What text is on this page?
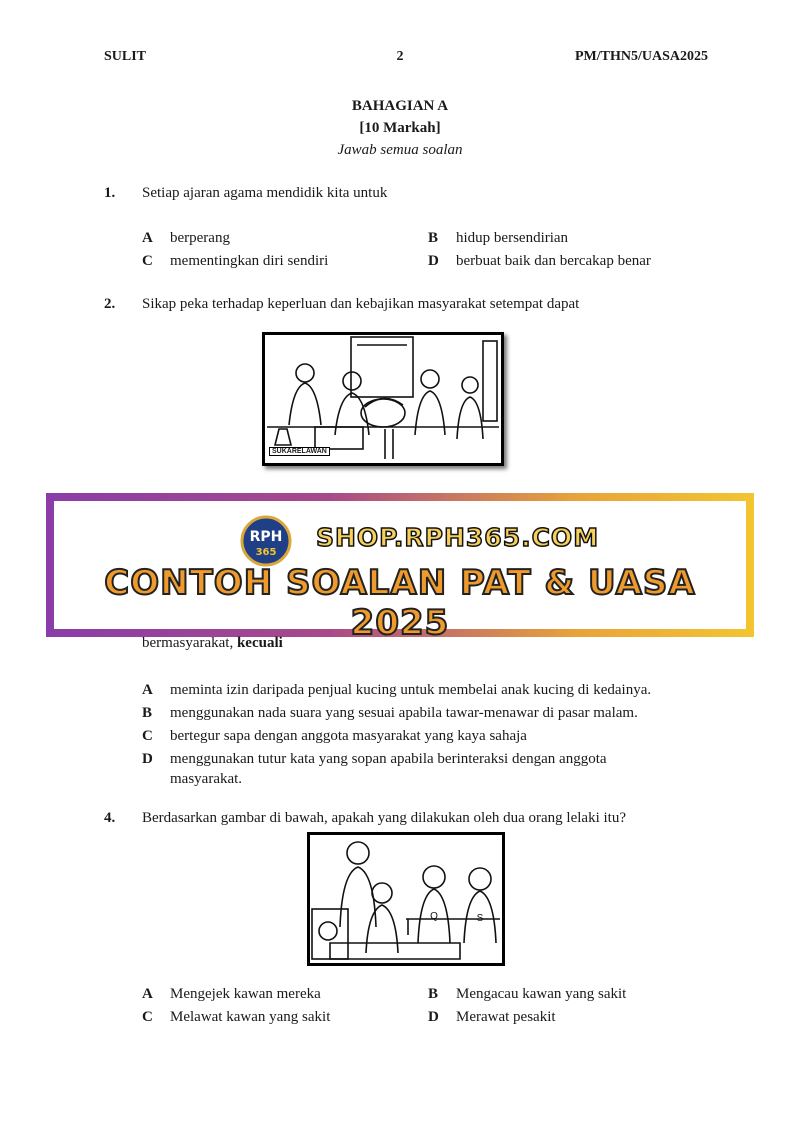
SULIT	2	PM/THN5/UASA2025
BAHAGIAN A
[10 Markah]
Jawab semua soalan
1. Setiap ajaran agama mendidik kita untuk
A berperang	B hidup bersendirian
C mementingkan diri sendiri	D berbuat baik dan bercakap benar
2. Sikap peka terhadap keperluan dan kebajikan masyarakat setempat dapat
SUKARELAWAN
RPH
365
SHOP.RPH365.COM
CONTOH SOALAN PAT & UASA 2025
bermasyarakat, kecuali
A meminta izin daripada penjual kucing untuk membelai anak kucing di kedainya.
B menggunakan nada suara yang sesuai apabila tawar-menawar di pasar malam.
C bertegur sapa dengan anggota masyarakat yang kaya sahaja
D menggunakan tutur kata yang sopan apabila berinteraksi dengan anggota masyarakat.
4. Berdasarkan gambar di bawah, apakah yang dilakukan oleh dua orang lelaki itu?
Q	S
A Mengejek kawan mereka	B Mengacau kawan yang sakit
C Melawat kawan yang sakit	D Merawat pesakit
